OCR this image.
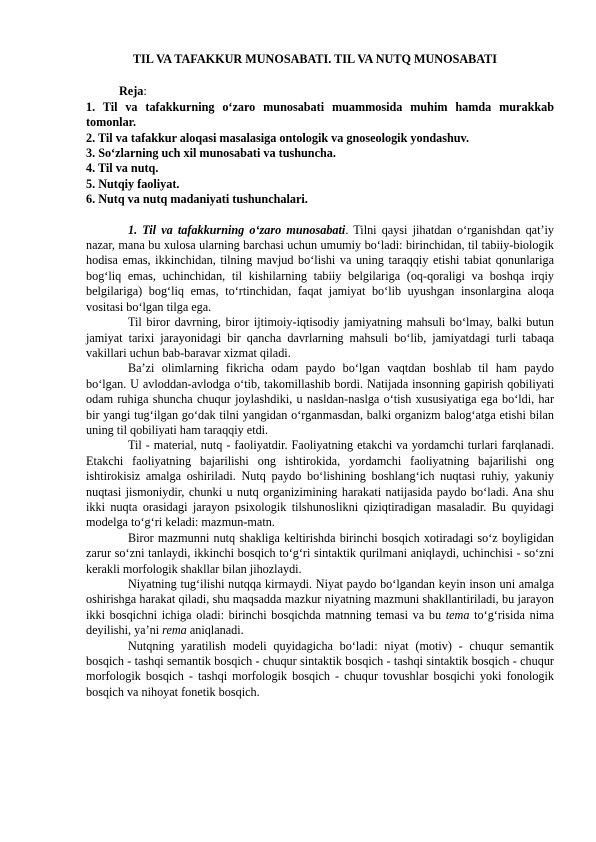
TIL VA TAFAKKUR MUNOSABATI. TIL VA NUTQ MUNOSABATI
Reja:

1. Til va tafakkurning o‘zaro munosabati muammosida muhim hamda murakkab tomonlar.

2. Til va tafakkur aloqasi masalasiga ontologik va gnoseologik yondashuv.

3. So‘zlarning uch xil munosabati va tushuncha.

4. Til va nutq.

5. Nutqiy faoliyat.

6. Nutq va nutq madaniyati tushunchalari.

1. Til va tafakkurning o‘zaro munosabati. Tilni qaysi jihatdan o‘rganishdan qat’iy nazar, mana bu xulosa ularning barchasi uchun umumiy bo‘ladi: birinchidan, til tabiiy-biologik hodisa emas, ikkinchidan, tilning mavjud bo‘lishi va uning taraqqiy etishi tabiat qonunlariga bog‘liq emas, uchinchidan, til kishilarning tabiiy belgilariga (oq-qoraligi va boshqa irqiy belgilariga) bog‘liq emas, to‘rtinchidan, faqat jamiyat bo‘lib uyushgan insonlargina aloqa vositasi bo‘lgan tilga ega.

Til biror davrning, biror ijtimoiy-iqtisodiy jamiyatning mahsuli bo‘lmay, balki butun jamiyat tarixi jarayonidagi bir qancha davrlarning mahsuli bo‘lib, jamiyatdagi turli tabaqa vakillari uchun bab-baravar xizmat qiladi.

Ba’zi olimlarning fikricha odam paydo bo‘lgan vaqtdan boshlab til ham paydo bo‘lgan. U avloddan-avlodga o‘tib, takomillashib bordi. Natijada insonning gapirish qobiliyati odam ruhiga shuncha chuqur joylashdiki, u nasldan-naslga o‘tish xususiyatiga ega bo‘ldi, har bir yangi tug‘ilgan go‘dak tilni yangidan o‘rganmasdan, balki organizm balog‘atga etishi bilan uning til qobiliyati ham taraqqiy etdi.

Til - material, nutq - faoliyatdir. Faoliyatning etakchi va yordamchi turlari farqlanadi. Etakchi faoliyatning bajarilishi ong ishtirokida, yordamchi faoliyatning bajarilishi ong ishtirokisiz amalga oshiriladi. Nutq paydo bo‘lishining boshlang‘ich nuqtasi ruhiy, yakuniy nuqtasi jismoniydir, chunki u nutq organizimining harakati natijasida paydo bo‘ladi. Ana shu ikki nuqta orasidagi jarayon psixologik tilshunoslikni qiziqtiradigan masaladir. Bu quyidagi modelga to‘g‘ri keladi: mazmun-matn.

Biror mazmunni nutq shakliga keltirishda birinchi bosqich xotiradagi so‘z boyligidan zarur so‘zni tanlaydi, ikkinchi bosqich to‘g‘ri sintaktik qurilmani aniqlaydi, uchinchisi - so‘zni kerakli morfologik shakllar bilan jihozlaydi.

Niyatning tug‘ilishi nutqqa kirmaydi. Niyat paydo bo‘lgandan keyin inson uni amalga oshirishga harakat qiladi, shu maqsadda mazkur niyatning mazmuni shakllantiriladi, bu jarayon ikki bosqichni ichiga oladi: birinchi bosqichda matnning temasi va bu tema to‘g‘risida nima deyilishi, ya’ni rema aniqlanadi.

Nutqning yaratilish modeli quyidagicha bo‘ladi: niyat (motiv) - chuqur semantik bosqich - tashqi semantik bosqich - chuqur sintaktik bosqich - tashqi sintaktik bosqich - chuqur morfologik bosqich - tashqi morfologik bosqich - chuqur tovushlar bosqichi yoki fonologik bosqich va nihoyat fonetik bosqich.
